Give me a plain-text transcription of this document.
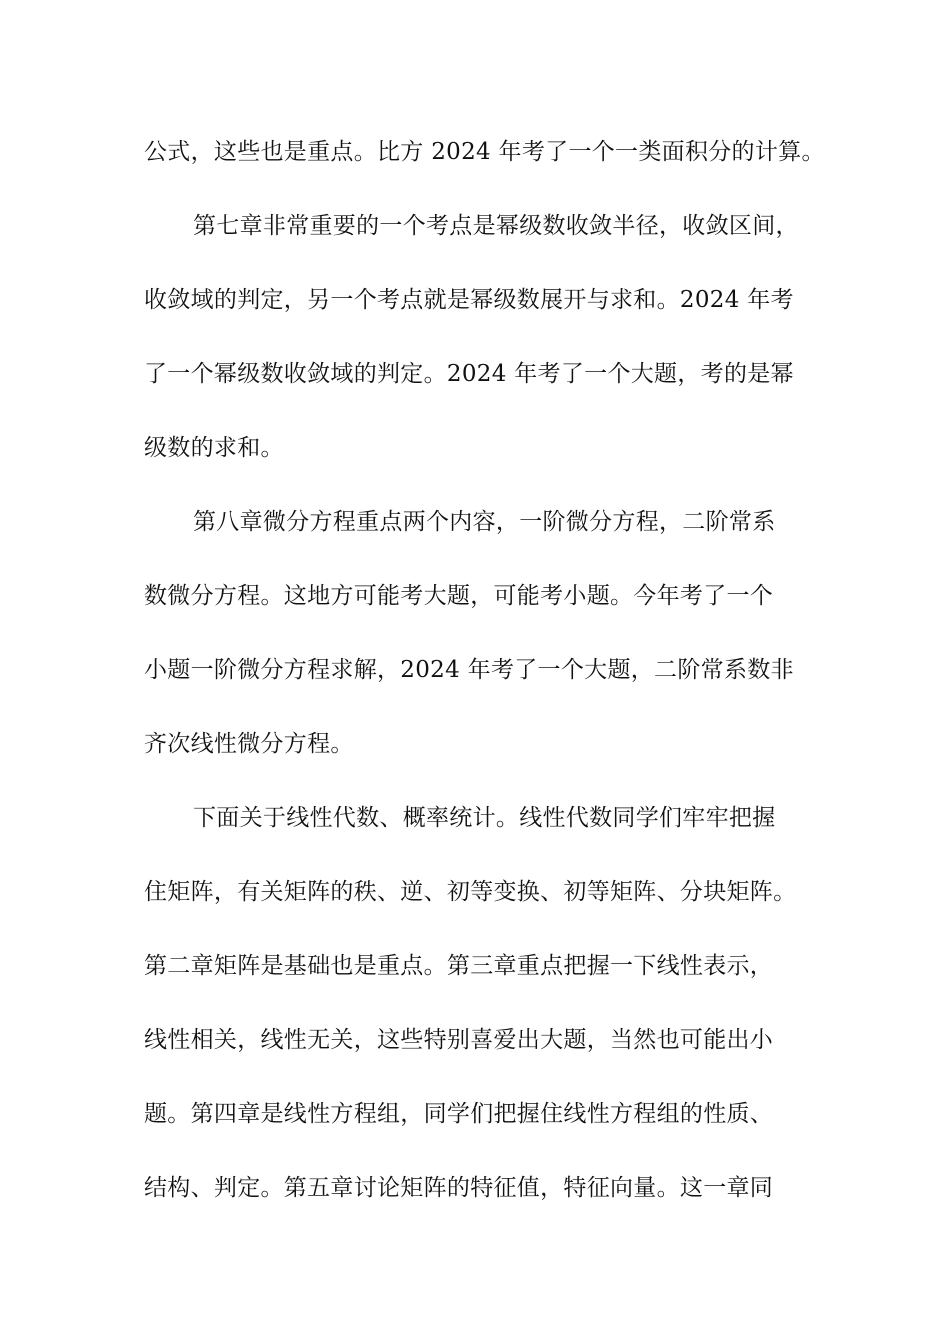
公式，这些也是重点。比方 2024 年考了一个一类面积分的计算。
第七章非常重要的一个考点是幂级数收敛半径，收敛区间，
收敛域的判定，另一个考点就是幂级数展开与求和。2024 年考
了一个幂级数收敛域的判定。2024 年考了一个大题，考的是幂
级数的求和。
第八章微分方程重点两个内容，一阶微分方程，二阶常系
数微分方程。这地方可能考大题，可能考小题。今年考了一个
小题一阶微分方程求解，2024 年考了一个大题，二阶常系数非
齐次线性微分方程。
下面关于线性代数、概率统计。线性代数同学们牢牢把握
住矩阵，有关矩阵的秩、逆、初等变换、初等矩阵、分块矩阵。
第二章矩阵是基础也是重点。第三章重点把握一下线性表示，
线性相关，线性无关，这些特别喜爱出大题，当然也可能出小
题。第四章是线性方程组，同学们把握住线性方程组的性质、
结构、判定。第五章讨论矩阵的特征值，特征向量。这一章同
